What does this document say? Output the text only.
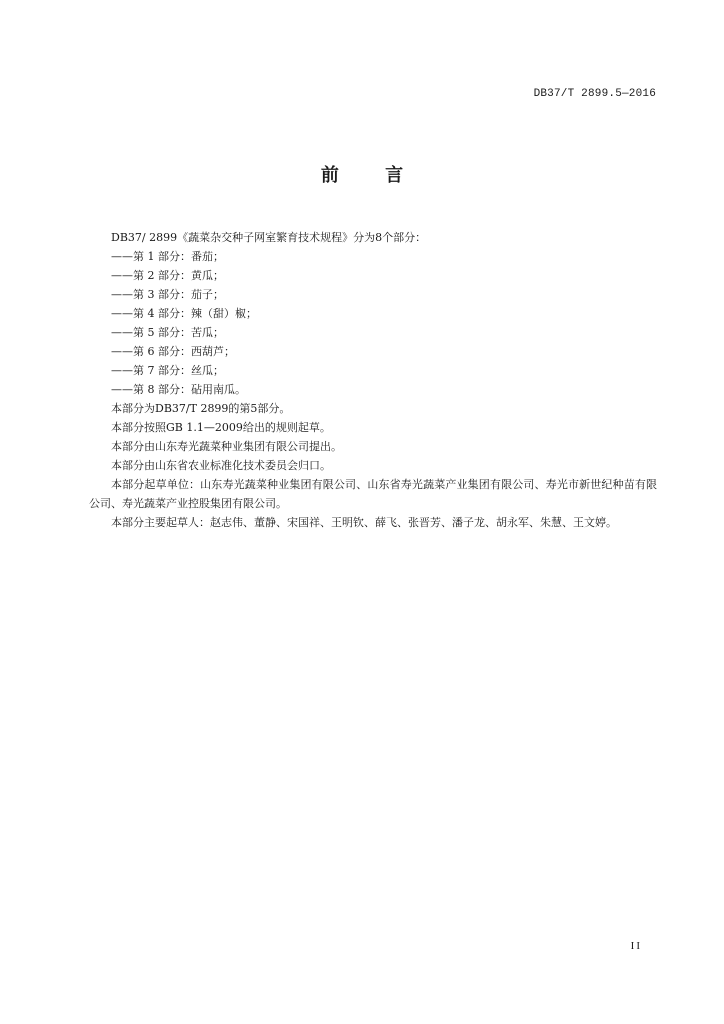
DB37/T 2899.5—2016
前 言

DB37/ 2899《蔬菜杂交种子网室繁育技术规程》分为8个部分：

——第 1 部分：番茄；

——第 2 部分：黄瓜；

——第 3 部分：茄子；

——第 4 部分：辣（甜）椒；

——第 5 部分：苦瓜；

——第 6 部分：西葫芦；

——第 7 部分：丝瓜；

——第 8 部分：砧用南瓜。

本部分为DB37/T 2899的第5部分。

本部分按照GB 1.1—2009给出的规则起草。

本部分由山东寿光蔬菜种业集团有限公司提出。

本部分由山东省农业标准化技术委员会归口。

本部分起草单位：山东寿光蔬菜种业集团有限公司、山东省寿光蔬菜产业集团有限公司、寿光市新世纪种苗有限公司、寿光蔬菜产业控股集团有限公司。

本部分主要起草人：赵志伟、董静、宋国祥、王明钦、薛飞、张晋芳、潘子龙、胡永军、朱慧、王文婷。

II
